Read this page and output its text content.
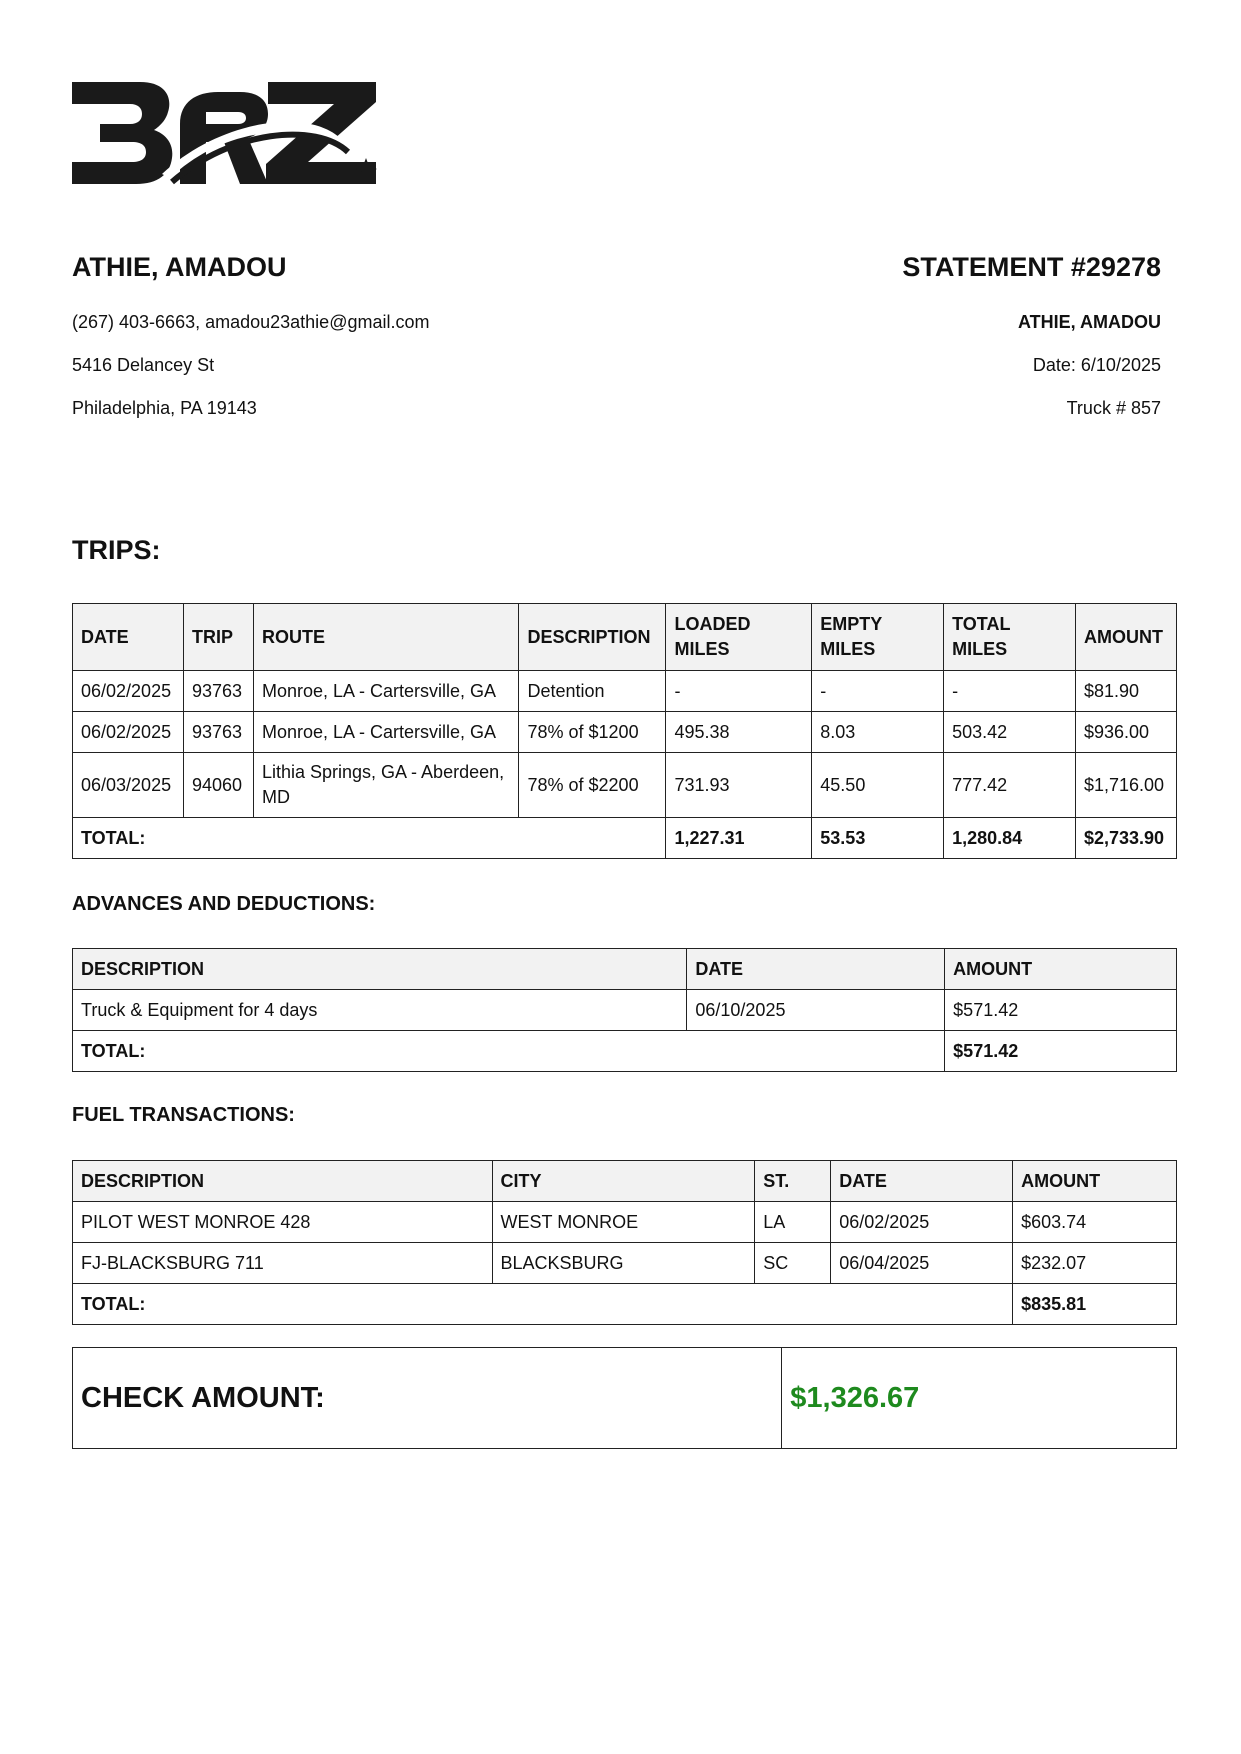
ATHIE, AMADOU
(267) 403-6663, amadou23athie@gmail.com
5416 Delancey St
Philadelphia, PA 19143
STATEMENT #29278
ATHIE, AMADOU
Date: 6/10/2025
Truck # 857
TRIPS:
DATE	TRIP	ROUTE	DESCRIPTION	LOADED MILES	EMPTY MILES	TOTAL MILES	AMOUNT
06/02/2025	93763	Monroe, LA - Cartersville, GA	Detention	-	-	-	$81.90
06/02/2025	93763	Monroe, LA - Cartersville, GA	78% of $1200	495.38	8.03	503.42	$936.00
06/03/2025	94060	Lithia Springs, GA - Aberdeen, MD	78% of $2200	731.93	45.50	777.42	$1,716.00
TOTAL:				1,227.31	53.53	1,280.84	$2,733.90
ADVANCES AND DEDUCTIONS:
DESCRIPTION	DATE	AMOUNT
Truck & Equipment for 4 days	06/10/2025	$571.42
TOTAL:		$571.42
FUEL TRANSACTIONS:
DESCRIPTION	CITY	ST.	DATE	AMOUNT
PILOT WEST MONROE 428	WEST MONROE	LA	06/02/2025	$603.74
FJ-BLACKSBURG 711	BLACKSBURG	SC	06/04/2025	$232.07
TOTAL:				$835.81
CHECK AMOUNT:	$1,326.67
